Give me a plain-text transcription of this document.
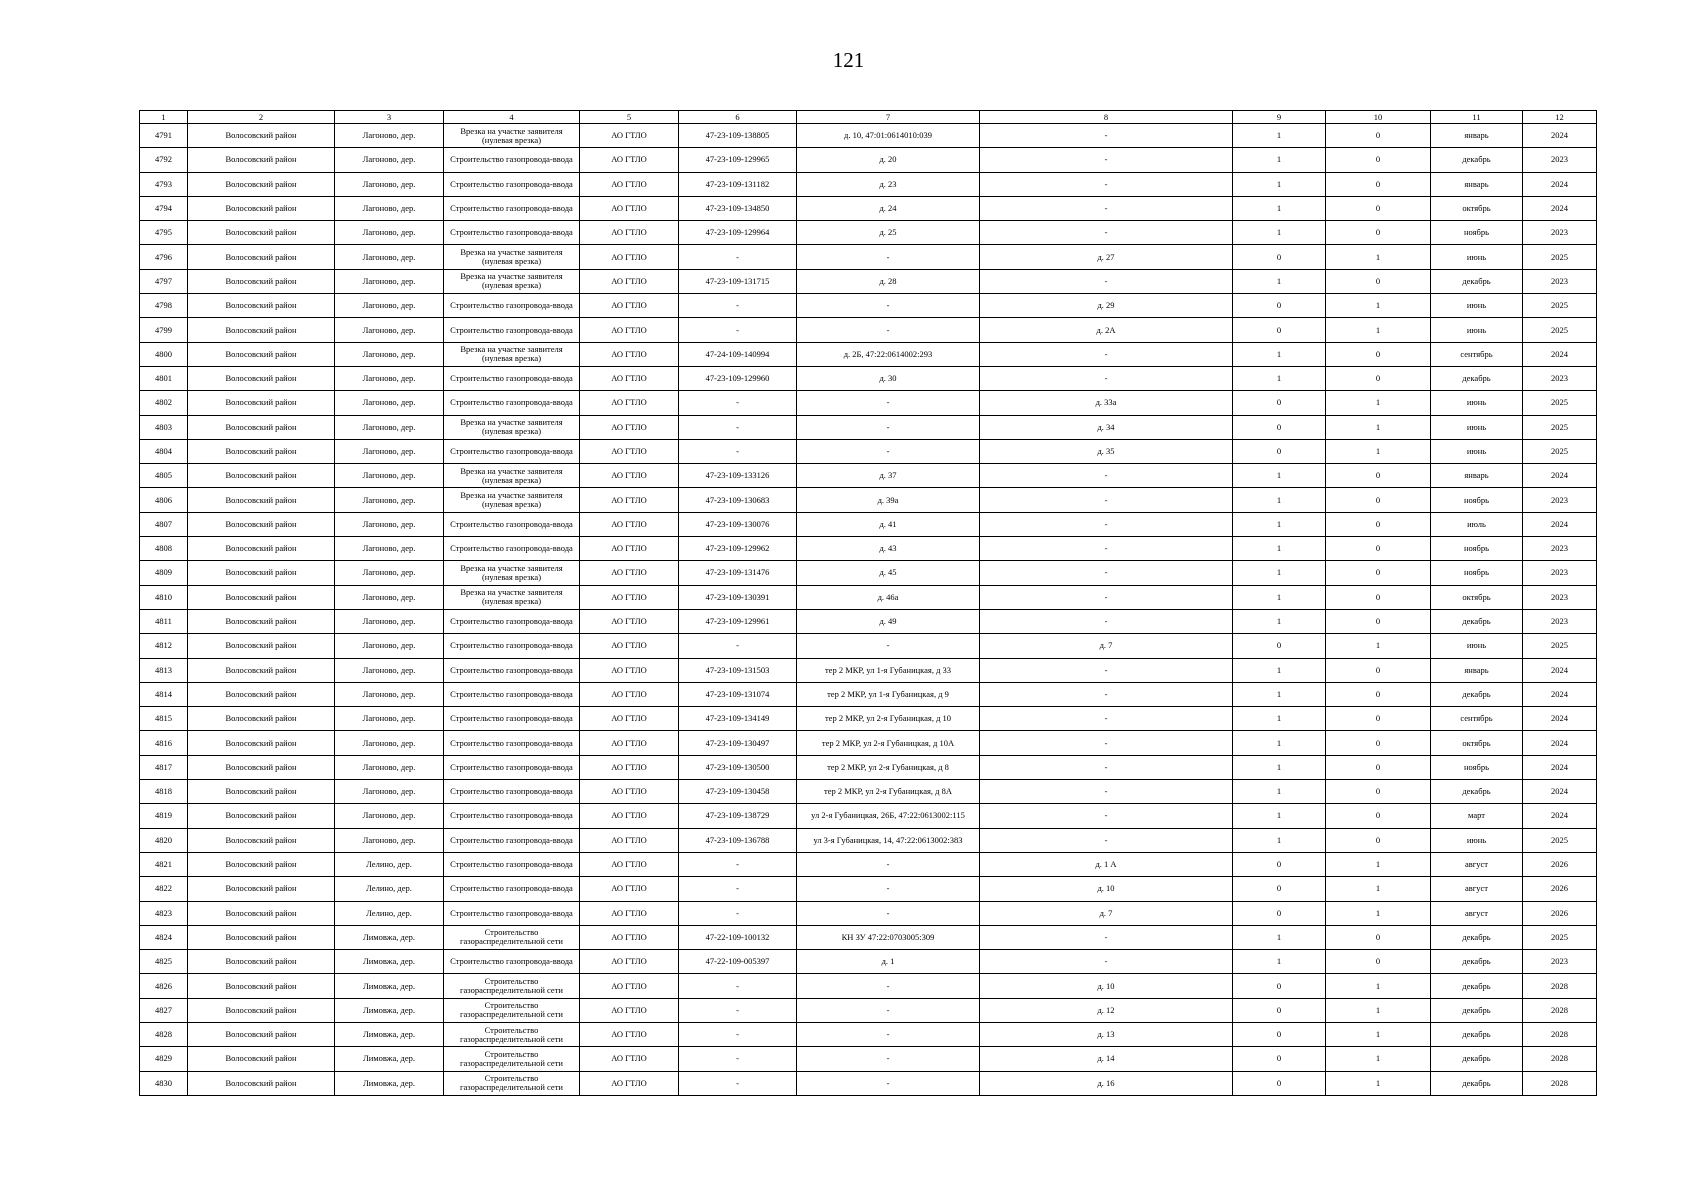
121
1	2	3	4	5	6	7	8	9	10	11	12
4791	Волосовский район	Лагоново, дер.	Врезка на участке заявителя (нулевая врезка)	АО ГТЛО	47-23-109-138805	д. 10, 47:01:0614010:039	-	1	0	январь	2024
4792	Волосовский район	Лагоново, дер.	Строительство газопровода-ввода	АО ГТЛО	47-23-109-129965	д. 20	-	1	0	декабрь	2023
4793	Волосовский район	Лагоново, дер.	Строительство газопровода-ввода	АО ГТЛО	47-23-109-131182	д. 23	-	1	0	январь	2024
4794	Волосовский район	Лагоново, дер.	Строительство газопровода-ввода	АО ГТЛО	47-23-109-134850	д. 24	-	1	0	октябрь	2024
4795	Волосовский район	Лагоново, дер.	Строительство газопровода-ввода	АО ГТЛО	47-23-109-129964	д. 25	-	1	0	ноябрь	2023
4796	Волосовский район	Лагоново, дер.	Врезка на участке заявителя (нулевая врезка)	АО ГТЛО	-	-	д. 27	0	1	июнь	2025
4797	Волосовский район	Лагоново, дер.	Врезка на участке заявителя (нулевая врезка)	АО ГТЛО	47-23-109-131715	д. 28	-	1	0	декабрь	2023
4798	Волосовский район	Лагоново, дер.	Строительство газопровода-ввода	АО ГТЛО	-	-	д. 29	0	1	июнь	2025
4799	Волосовский район	Лагоново, дер.	Строительство газопровода-ввода	АО ГТЛО	-	-	д. 2А	0	1	июнь	2025
4800	Волосовский район	Лагоново, дер.	Врезка на участке заявителя (нулевая врезка)	АО ГТЛО	47-24-109-140994	д. 2Б, 47:22:0614002:293	-	1	0	сентябрь	2024
4801	Волосовский район	Лагоново, дер.	Строительство газопровода-ввода	АО ГТЛО	47-23-109-129960	д. 30	-	1	0	декабрь	2023
4802	Волосовский район	Лагоново, дер.	Строительство газопровода-ввода	АО ГТЛО	-	-	д. 33а	0	1	июнь	2025
4803	Волосовский район	Лагоново, дер.	Врезка на участке заявителя (нулевая врезка)	АО ГТЛО	-	-	д. 34	0	1	июнь	2025
4804	Волосовский район	Лагоново, дер.	Строительство газопровода-ввода	АО ГТЛО	-	-	д. 35	0	1	июнь	2025
4805	Волосовский район	Лагоново, дер.	Врезка на участке заявителя (нулевая врезка)	АО ГТЛО	47-23-109-133126	д. 37	-	1	0	январь	2024
4806	Волосовский район	Лагоново, дер.	Врезка на участке заявителя (нулевая врезка)	АО ГТЛО	47-23-109-130683	д. 39а	-	1	0	ноябрь	2023
4807	Волосовский район	Лагоново, дер.	Строительство газопровода-ввода	АО ГТЛО	47-23-109-130076	д. 41	-	1	0	июль	2024
4808	Волосовский район	Лагоново, дер.	Строительство газопровода-ввода	АО ГТЛО	47-23-109-129962	д. 43	-	1	0	ноябрь	2023
4809	Волосовский район	Лагоново, дер.	Врезка на участке заявителя (нулевая врезка)	АО ГТЛО	47-23-109-131476	д. 45	-	1	0	ноябрь	2023
4810	Волосовский район	Лагоново, дер.	Врезка на участке заявителя (нулевая врезка)	АО ГТЛО	47-23-109-130391	д. 46а	-	1	0	октябрь	2023
4811	Волосовский район	Лагоново, дер.	Строительство газопровода-ввода	АО ГТЛО	47-23-109-129961	д. 49	-	1	0	декабрь	2023
4812	Волосовский район	Лагоново, дер.	Строительство газопровода-ввода	АО ГТЛО	-	-	д. 7	0	1	июнь	2025
4813	Волосовский район	Лагоново, дер.	Строительство газопровода-ввода	АО ГТЛО	47-23-109-131503	тер 2 МКР, ул 1-я Губаницкая, д 33	-	1	0	январь	2024
4814	Волосовский район	Лагоново, дер.	Строительство газопровода-ввода	АО ГТЛО	47-23-109-131074	тер 2 МКР, ул 1-я Губаницкая, д 9	-	1	0	декабрь	2024
4815	Волосовский район	Лагоново, дер.	Строительство газопровода-ввода	АО ГТЛО	47-23-109-134149	тер 2 МКР, ул 2-я Губаницкая, д 10	-	1	0	сентябрь	2024
4816	Волосовский район	Лагоново, дер.	Строительство газопровода-ввода	АО ГТЛО	47-23-109-130497	тер 2 МКР, ул 2-я Губаницкая, д 10А	-	1	0	октябрь	2024
4817	Волосовский район	Лагоново, дер.	Строительство газопровода-ввода	АО ГТЛО	47-23-109-130500	тер 2 МКР, ул 2-я Губаницкая, д 8	-	1	0	ноябрь	2024
4818	Волосовский район	Лагоново, дер.	Строительство газопровода-ввода	АО ГТЛО	47-23-109-130458	тер 2 МКР, ул 2-я Губаницкая, д 8А	-	1	0	декабрь	2024
4819	Волосовский район	Лагоново, дер.	Строительство газопровода-ввода	АО ГТЛО	47-23-109-138729	ул 2-я Губаницкая, 26Б, 47:22:0613002:115	-	1	0	март	2024
4820	Волосовский район	Лагоново, дер.	Строительство газопровода-ввода	АО ГТЛО	47-23-109-136788	ул 3-я Губаницкая, 14, 47:22:0613002:383	-	1	0	июнь	2025
4821	Волосовский район	Лелино, дер.	Строительство газопровода-ввода	АО ГТЛО	-	-	д. 1 А	0	1	август	2026
4822	Волосовский район	Лелино, дер.	Строительство газопровода-ввода	АО ГТЛО	-	-	д. 10	0	1	август	2026
4823	Волосовский район	Лелино, дер.	Строительство газопровода-ввода	АО ГТЛО	-	-	д. 7	0	1	август	2026
4824	Волосовский район	Лимовжа, дер.	Строительство газораспределительной сети	АО ГТЛО	47-22-109-100132	КН ЗУ 47:22:0703005:309	-	1	0	декабрь	2025
4825	Волосовский район	Лимовжа, дер.	Строительство газопровода-ввода	АО ГТЛО	47-22-109-005397	д. 1	-	1	0	декабрь	2023
4826	Волосовский район	Лимовжа, дер.	Строительство газораспределительной сети	АО ГТЛО	-	-	д. 10	0	1	декабрь	2028
4827	Волосовский район	Лимовжа, дер.	Строительство газораспределительной сети	АО ГТЛО	-	-	д. 12	0	1	декабрь	2028
4828	Волосовский район	Лимовжа, дер.	Строительство газораспределительной сети	АО ГТЛО	-	-	д. 13	0	1	декабрь	2028
4829	Волосовский район	Лимовжа, дер.	Строительство газораспределительной сети	АО ГТЛО	-	-	д. 14	0	1	декабрь	2028
4830	Волосовский район	Лимовжа, дер.	Строительство газораспределительной сети	АО ГТЛО	-	-	д. 16	0	1	декабрь	2028
